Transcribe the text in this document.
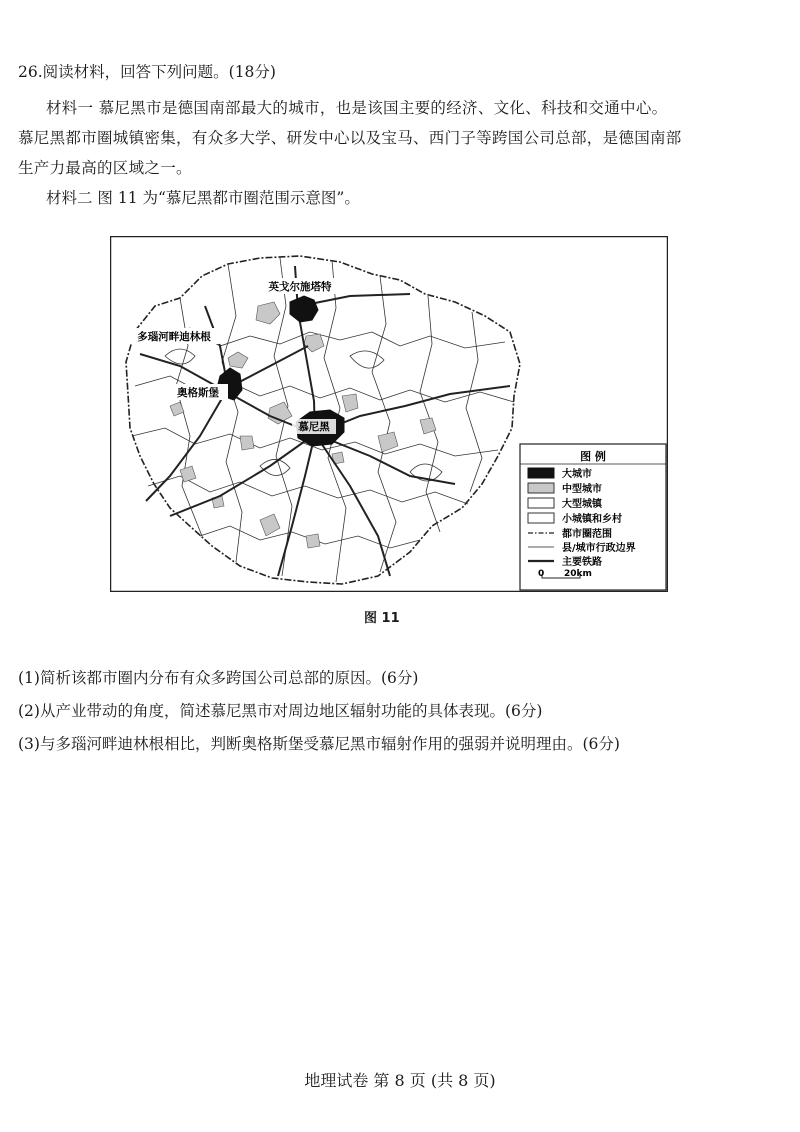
26.阅读材料，回答下列问题。(18分)
材料一 慕尼黑市是德国南部最大的城市，也是该国主要的经济、文化、科技和交通中心。
慕尼黑都市圈城镇密集，有众多大学、研发中心以及宝马、西门子等跨国公司总部，是德国南部
生产力最高的区域之一。
材料二 图 11 为“慕尼黑都市圈范围示意图”。
英戈尔施塔特
多瑙河畔迪林根
奥格斯堡
慕尼黑
图 例
大城市
中型城市
大型城镇
小城镇和乡村
都市圈范围
县/城市行政边界
主要铁路
0 20km
图 11
(1)简析该都市圈内分布有众多跨国公司总部的原因。(6分)
(2)从产业带动的角度，简述慕尼黑市对周边地区辐射功能的具体表现。(6分)
(3)与多瑙河畔迪林根相比，判断奥格斯堡受慕尼黑市辐射作用的强弱并说明理由。(6分)
地理试卷 第 8 页 (共 8 页)
